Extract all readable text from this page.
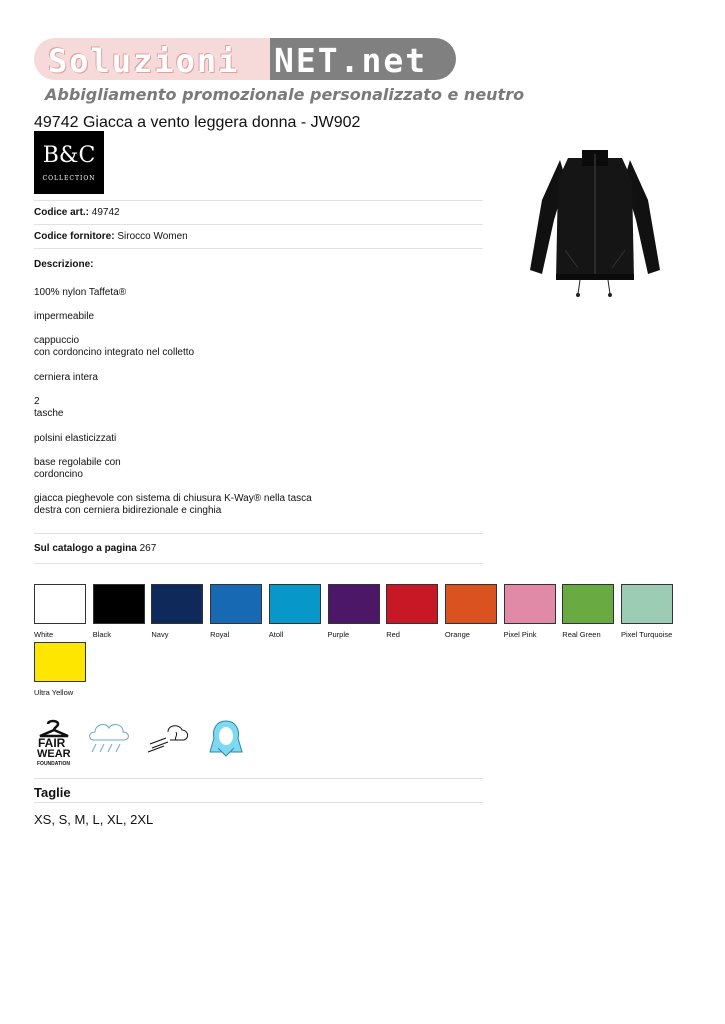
Soluzioni NET.net
Abbigliamento promozionale personalizzato e neutro
49742 Giacca a vento leggera donna - JW902
B&C
COLLECTION
Codice art.: 49742
Codice fornitore: Sirocco Women
Descrizione:
100% nylon Taffeta®
impermeabile
cappuccio
con cordoncino integrato nel colletto
cerniera intera
2
tasche
polsini elasticizzati
base regolabile con
cordoncino
giacca pieghevole con sistema di chiusura K-Way® nella tasca
destra con cerniera bidirezionale e cinghia
Sul catalogo a pagina 267
White	Black	Navy	Royal	Atoll	Purple	Red	Orange	Pixel Pink	Real Green	Pixel Turquoise
Ultra Yellow
FAIR
WEAR
FOUNDATION
Taglie
XS, S, M, L, XL, 2XL
